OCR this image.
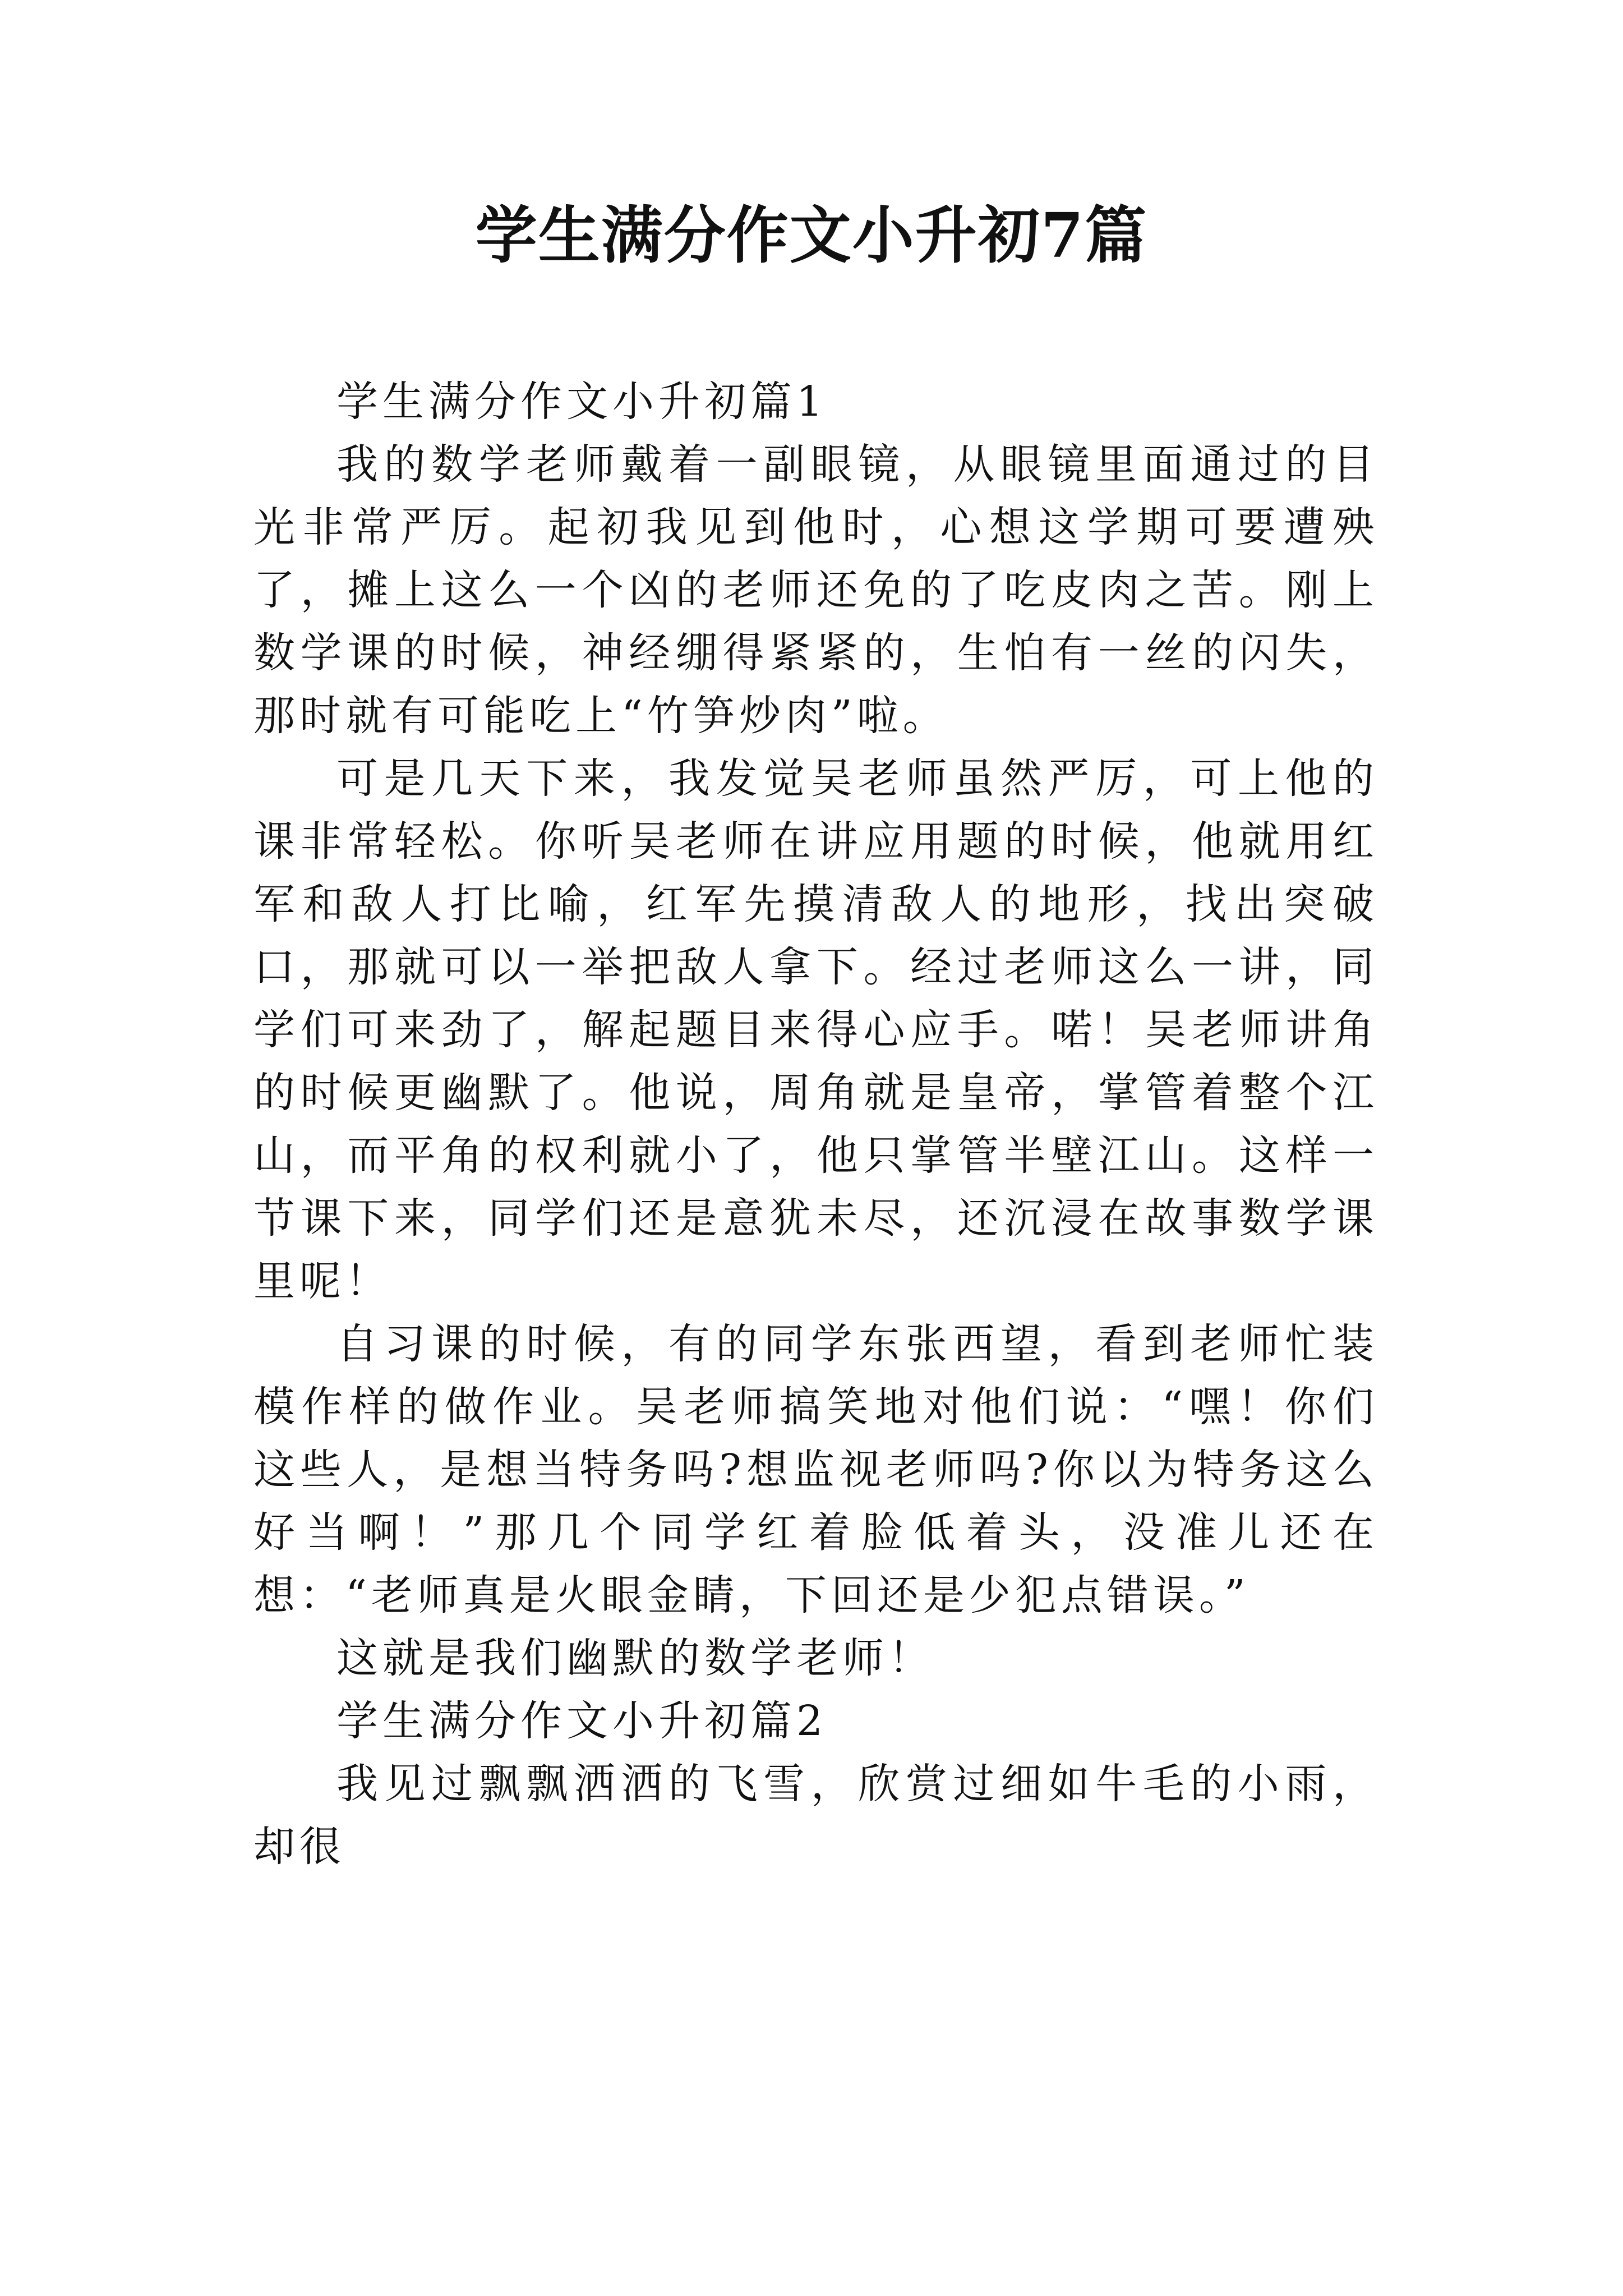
学生满分作文小升初7篇

学生满分作文小升初篇1

我的数学老师戴着一副眼镜，从眼镜里面通过的目光非常严厉。起初我见到他时，心想这学期可要遭殃了，摊上这么一个凶的老师还免的了吃皮肉之苦。刚上数学课的时候，神经绷得紧紧的，生怕有一丝的闪失，那时就有可能吃上“竹笋炒肉”啦。

可是几天下来，我发觉吴老师虽然严厉，可上他的课非常轻松。你听吴老师在讲应用题的时候，他就用红军和敌人打比喻，红军先摸清敌人的地形，找出突破口，那就可以一举把敌人拿下。经过老师这么一讲，同学们可来劲了，解起题目来得心应手。喏！吴老师讲角的时候更幽默了。他说，周角就是皇帝，掌管着整个江山，而平角的权利就小了，他只掌管半壁江山。这样一节课下来，同学们还是意犹未尽，还沉浸在故事数学课里呢！

自习课的时候，有的同学东张西望，看到老师忙装模作样的做作业。吴老师搞笑地对他们说：“嘿！你们这些人，是想当特务吗?想监视老师吗?你以为特务这么好当啊！”那几个同学红着脸低着头，没准儿还在想：“老师真是火眼金睛，下回还是少犯点错误。”

这就是我们幽默的数学老师！

学生满分作文小升初篇2

我见过飘飘洒洒的飞雪，欣赏过细如牛毛的小雨，却很
